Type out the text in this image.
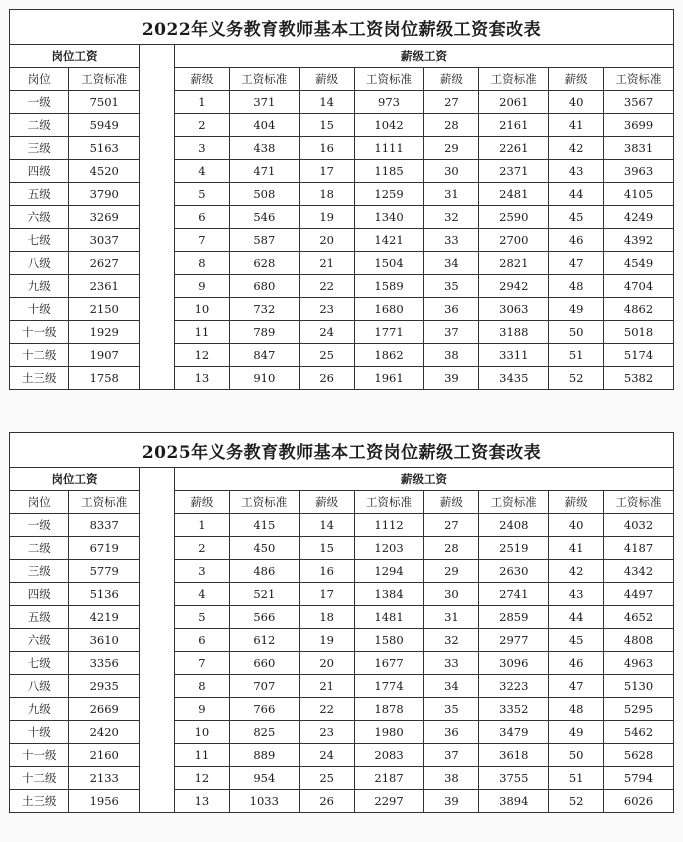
2022年义务教育教师基本工资岗位薪级工资套改表
岗位工资	
岗位	工资标准
一级	7501
二级	5949
三级	5163
四级	4520
五级	3790
六级	3269
七级	3037
八级	2627
九级	2361
十级	2150
十一级	1929
十二级	1907
土三级	1758
薪级工资							
薪级	工资标准	薪级	工资标准	薪级	工资标准	薪级	工资标准
1	371	14	973	27	2061	40	3567
2	404	15	1042	28	2161	41	3699
3	438	16	1111	29	2261	42	3831
4	471	17	1185	30	2371	43	3963
5	508	18	1259	31	2481	44	4105
6	546	19	1340	32	2590	45	4249
7	587	20	1421	33	2700	46	4392
8	628	21	1504	34	2821	47	4549
9	680	22	1589	35	2942	48	4704
10	732	23	1680	36	3063	49	4862
11	789	24	1771	37	3188	50	5018
12	847	25	1862	38	3311	51	5174
13	910	26	1961	39	3435	52	5382
2025年义务教育教师基本工资岗位薪级工资套改表
岗位工资	
岗位	工资标准
一级	8337
二级	6719
三级	5779
四级	5136
五级	4219
六级	3610
七级	3356
八级	2935
九级	2669
十级	2420
十一级	2160
十二级	2133
土三级	1956
薪级工资							
薪级	工资标准	薪级	工资标准	薪级	工资标准	薪级	工资标准
1	415	14	1112	27	2408	40	4032
2	450	15	1203	28	2519	41	4187
3	486	16	1294	29	2630	42	4342
4	521	17	1384	30	2741	43	4497
5	566	18	1481	31	2859	44	4652
6	612	19	1580	32	2977	45	4808
7	660	20	1677	33	3096	46	4963
8	707	21	1774	34	3223	47	5130
9	766	22	1878	35	3352	48	5295
10	825	23	1980	36	3479	49	5462
11	889	24	2083	37	3618	50	5628
12	954	25	2187	38	3755	51	5794
13	1033	26	2297	39	3894	52	6026
